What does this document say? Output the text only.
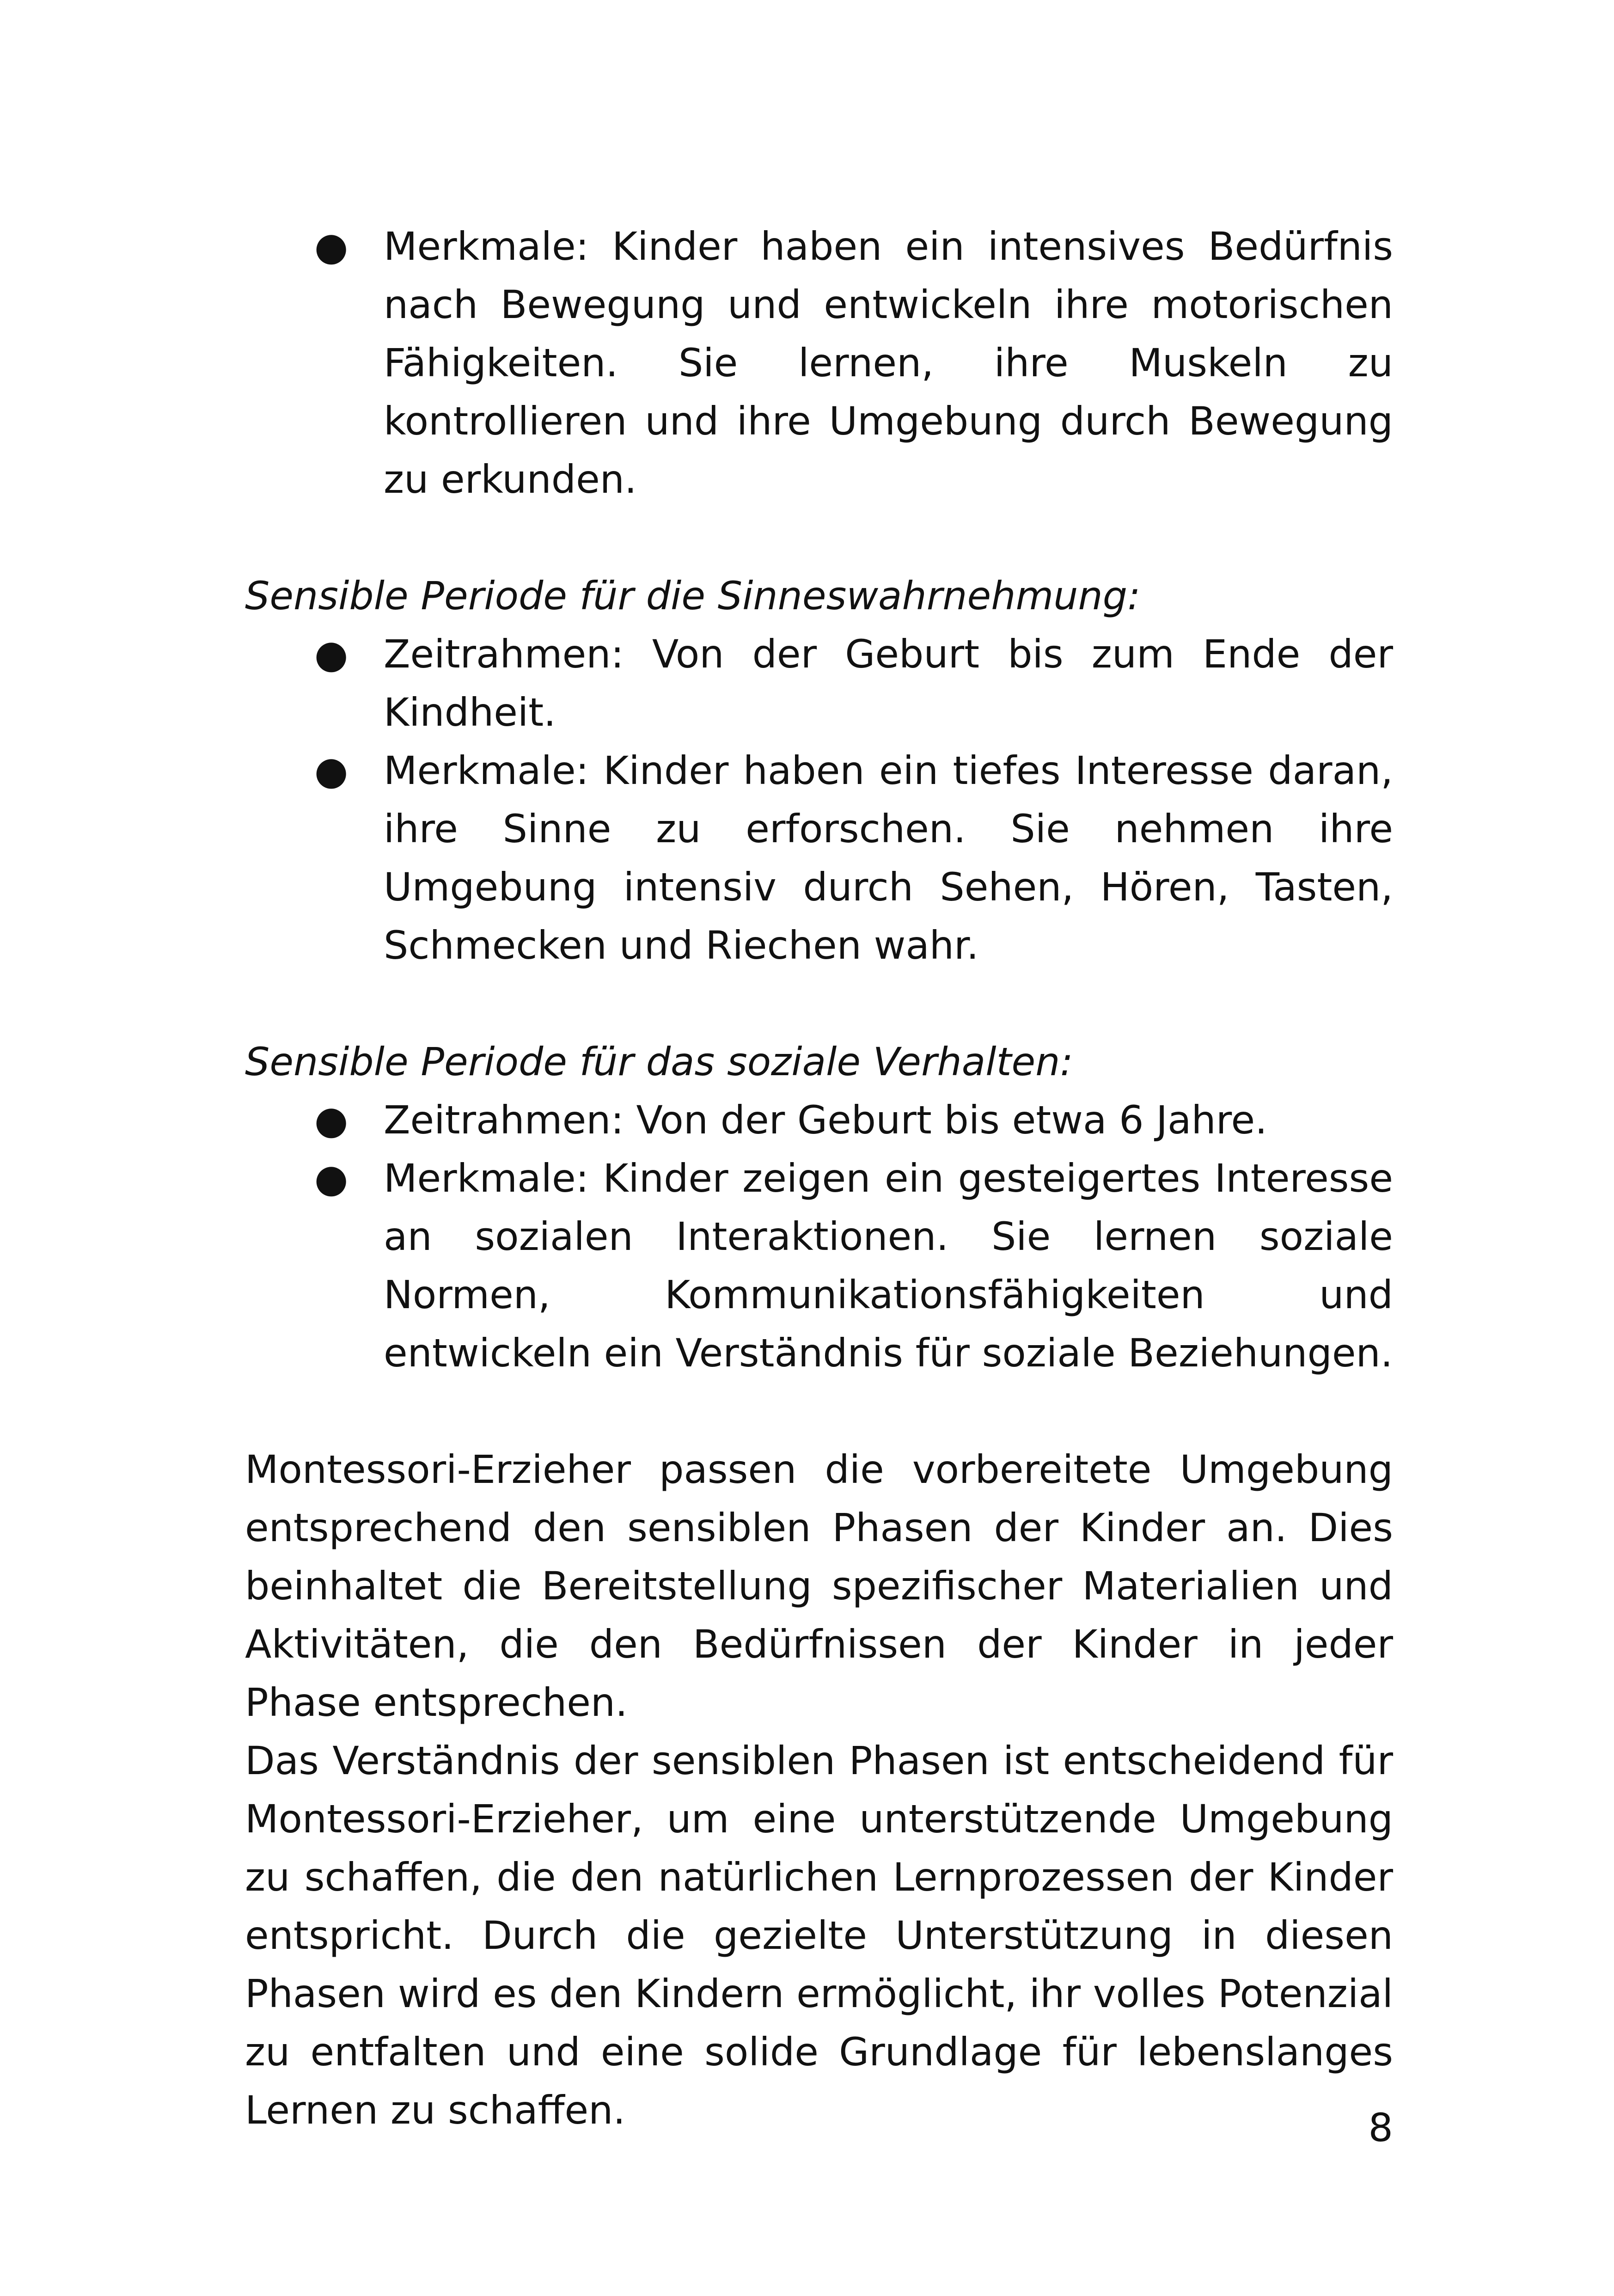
● Merkmale: Kinder haben ein intensives Bedürfnis nach Bewegung und entwickeln ihre motorischen Fähigkeiten. Sie lernen, ihre Muskeln zu kontrollieren und ihre Umgebung durch Bewegung zu erkunden.

Sensible Periode für die Sinneswahrnehmung:

● Zeitrahmen: Von der Geburt bis zum Ende der Kindheit.
● Merkmale: Kinder haben ein tiefes Interesse daran, ihre Sinne zu erforschen. Sie nehmen ihre Umgebung intensiv durch Sehen, Hören, Tasten, Schmecken und Riechen wahr.

Sensible Periode für das soziale Verhalten:

● Zeitrahmen: Von der Geburt bis etwa 6 Jahre.
● Merkmale: Kinder zeigen ein gesteigertes Interesse an sozialen Interaktionen. Sie lernen soziale Normen, Kommunikationsfähigkeiten und entwickeln ein Verständnis für soziale Beziehungen.

Montessori-Erzieher passen die vorbereitete Umgebung entsprechend den sensiblen Phasen der Kinder an. Dies beinhaltet die Bereitstellung spezifischer Materialien und Aktivitäten, die den Bedürfnissen der Kinder in jeder Phase entsprechen.

Das Verständnis der sensiblen Phasen ist entscheidend für Montessori-Erzieher, um eine unterstützende Umgebung zu schaffen, die den natürlichen Lernprozessen der Kinder entspricht. Durch die gezielte Unterstützung in diesen Phasen wird es den Kindern ermöglicht, ihr volles Potenzial zu entfalten und eine solide Grundlage für lebenslanges Lernen zu schaffen.	8
